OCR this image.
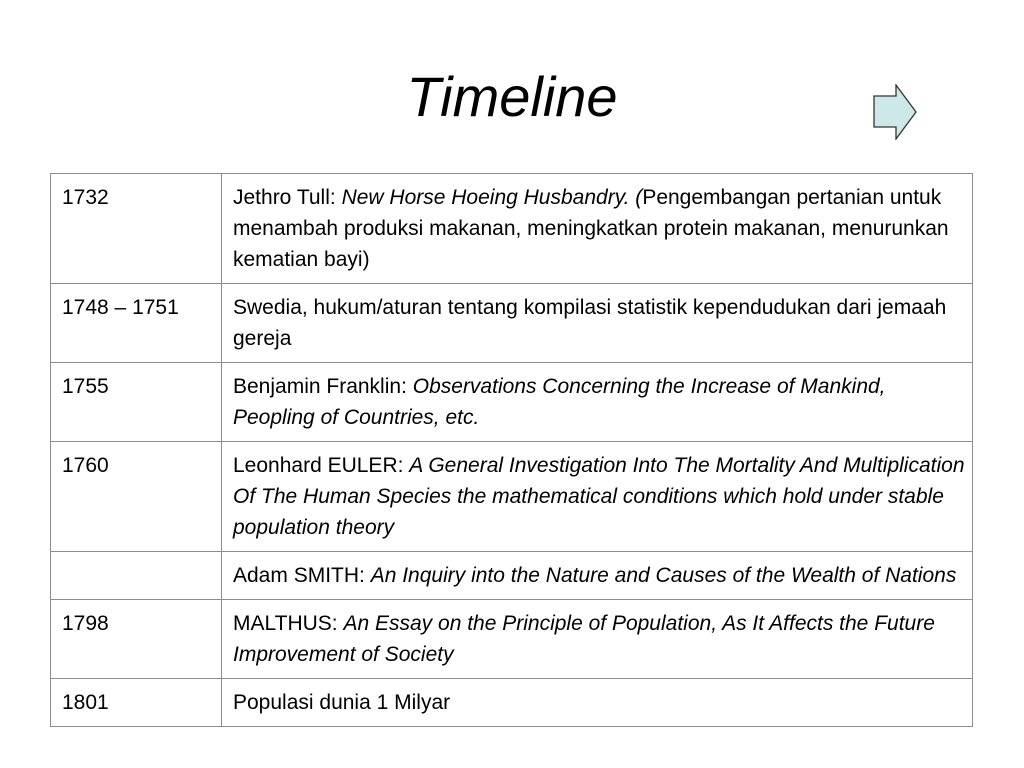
Timeline
1732	Jethro Tull: New Horse Hoeing Husbandry. (Pengembangan pertanian untuk menambah produksi makanan, meningkatkan protein makanan, menurunkan kematian bayi)
1748 – 1751	Swedia, hukum/aturan tentang kompilasi statistik kependudukan dari jemaah gereja
1755	Benjamin Franklin: Observations Concerning the Increase of Mankind, Peopling of Countries, etc.
1760	Leonhard EULER: A General Investigation Into The Mortality And Multiplication Of The Human Species the mathematical conditions which hold under stable population theory
	Adam SMITH: An Inquiry into the Nature and Causes of the Wealth of Nations
1798	MALTHUS: An Essay on the Principle of Population, As It Affects the Future Improvement of Society
1801	Populasi dunia 1 Milyar
